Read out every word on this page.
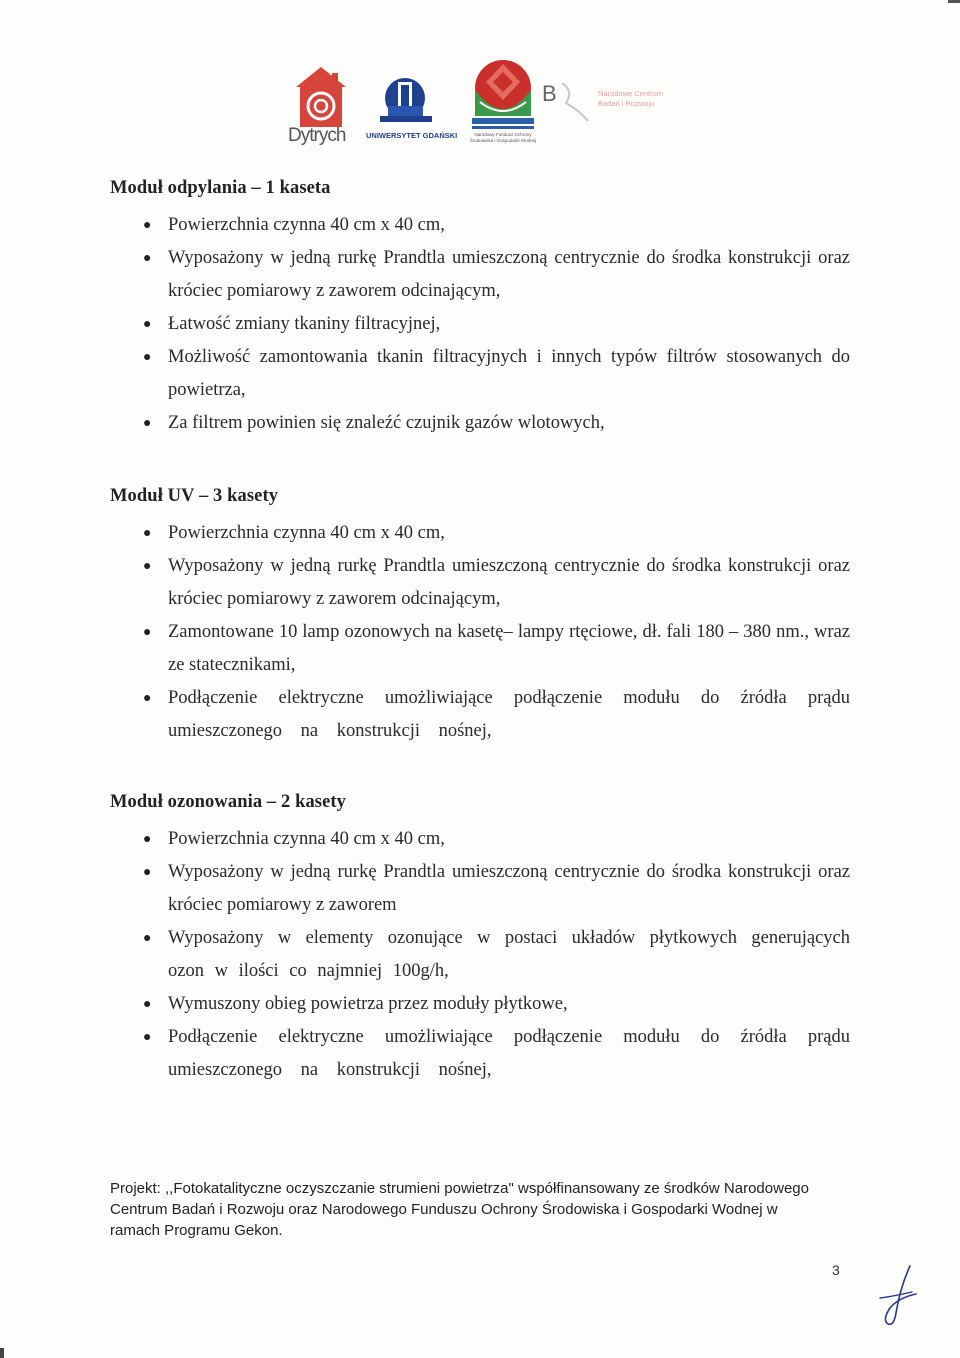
Dytrych	UNIWERSYTET GDAŃSKI	Narodowy Fundusz Ochrony Środowiska i Gospodarki Wodnej
B	Narodowe Centrum
Badań i Rozwoju
Moduł odpylania – 1 kaseta
● Powierzchnia czynna 40 cm x 40 cm,
● Wyposażony w jedną rurkę Prandtla umieszczoną centrycznie do środka konstrukcji oraz króciec pomiarowy z zaworem odcinającym,
● Łatwość zmiany tkaniny filtracyjnej,
● Możliwość zamontowania tkanin filtracyjnych i innych typów filtrów stosowanych do powietrza,
● Za filtrem powinien się znaleźć czujnik gazów wlotowych,
Moduł UV – 3 kasety
● Powierzchnia czynna 40 cm x 40 cm,
● Wyposażony w jedną rurkę Prandtla umieszczoną centrycznie do środka konstrukcji oraz króciec pomiarowy z zaworem odcinającym,
● Zamontowane 10 lamp ozonowych na kasetę– lampy rtęciowe, dł. fali 180 – 380 nm., wraz ze statecznikami,
● Podłączenie elektryczne umożliwiające podłączenie modułu do źródła prądu umieszczonego na konstrukcji nośnej,
Moduł ozonowania – 2 kasety
● Powierzchnia czynna 40 cm x 40 cm,
● Wyposażony w jedną rurkę Prandtla umieszczoną centrycznie do środka konstrukcji oraz króciec pomiarowy z zaworem
● Wyposażony w elementy ozonujące w postaci układów płytkowych generujących ozon w ilości co najmniej 100g/h,
● Wymuszony obieg powietrza przez moduły płytkowe,
● Podłączenie elektryczne umożliwiające podłączenie modułu do źródła prądu umieszczonego na konstrukcji nośnej,
Projekt: ,,Fotokatalityczne oczyszczanie strumieni powietrza" współfinansowany ze środków Narodowego Centrum Badań i Rozwoju oraz Narodowego Funduszu Ochrony Środowiska i Gospodarki Wodnej w ramach Programu Gekon.
3
